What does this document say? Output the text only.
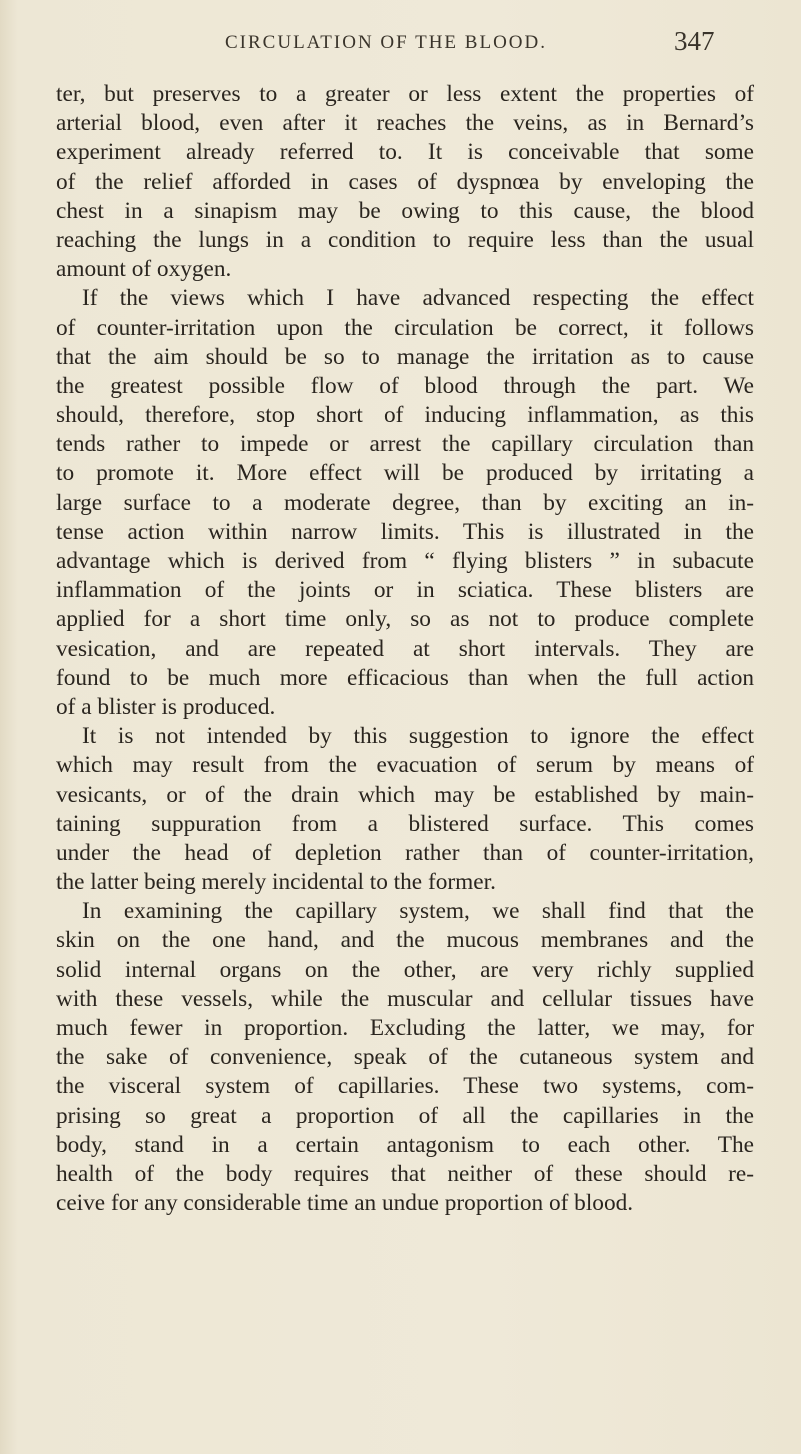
CIRCULATION OF THE BLOOD.	347
ter, but preserves to a greater or less extent the properties of
arterial blood, even after it reaches the veins, as in Bernard’s
experiment already referred to. It is conceivable that some
of the relief afforded in cases of dyspnœa by enveloping the
chest in a sinapism may be owing to this cause, the blood
reaching the lungs in a condition to require less than the usual
amount of oxygen.
If the views which I have advanced respecting the effect
of counter-irritation upon the circulation be correct, it follows
that the aim should be so to manage the irritation as to cause
the greatest possible flow of blood through the part. We
should, therefore, stop short of inducing inflammation, as this
tends rather to impede or arrest the capillary circulation than
to promote it. More effect will be produced by irritating a
large surface to a moderate degree, than by exciting an in-
tense action within narrow limits. This is illustrated in the
advantage which is derived from “ flying blisters ” in subacute
inflammation of the joints or in sciatica. These blisters are
applied for a short time only, so as not to produce complete
vesication, and are repeated at short intervals. They are
found to be much more efficacious than when the full action
of a blister is produced.
It is not intended by this suggestion to ignore the effect
which may result from the evacuation of serum by means of
vesicants, or of the drain which may be established by main-
taining suppuration from a blistered surface. This comes
under the head of depletion rather than of counter-irritation,
the latter being merely incidental to the former.
In examining the capillary system, we shall find that the
skin on the one hand, and the mucous membranes and the
solid internal organs on the other, are very richly supplied
with these vessels, while the muscular and cellular tissues have
much fewer in proportion. Excluding the latter, we may, for
the sake of convenience, speak of the cutaneous system and
the visceral system of capillaries. These two systems, com-
prising so great a proportion of all the capillaries in the
body, stand in a certain antagonism to each other. The
health of the body requires that neither of these should re-
ceive for any considerable time an undue proportion of blood.
